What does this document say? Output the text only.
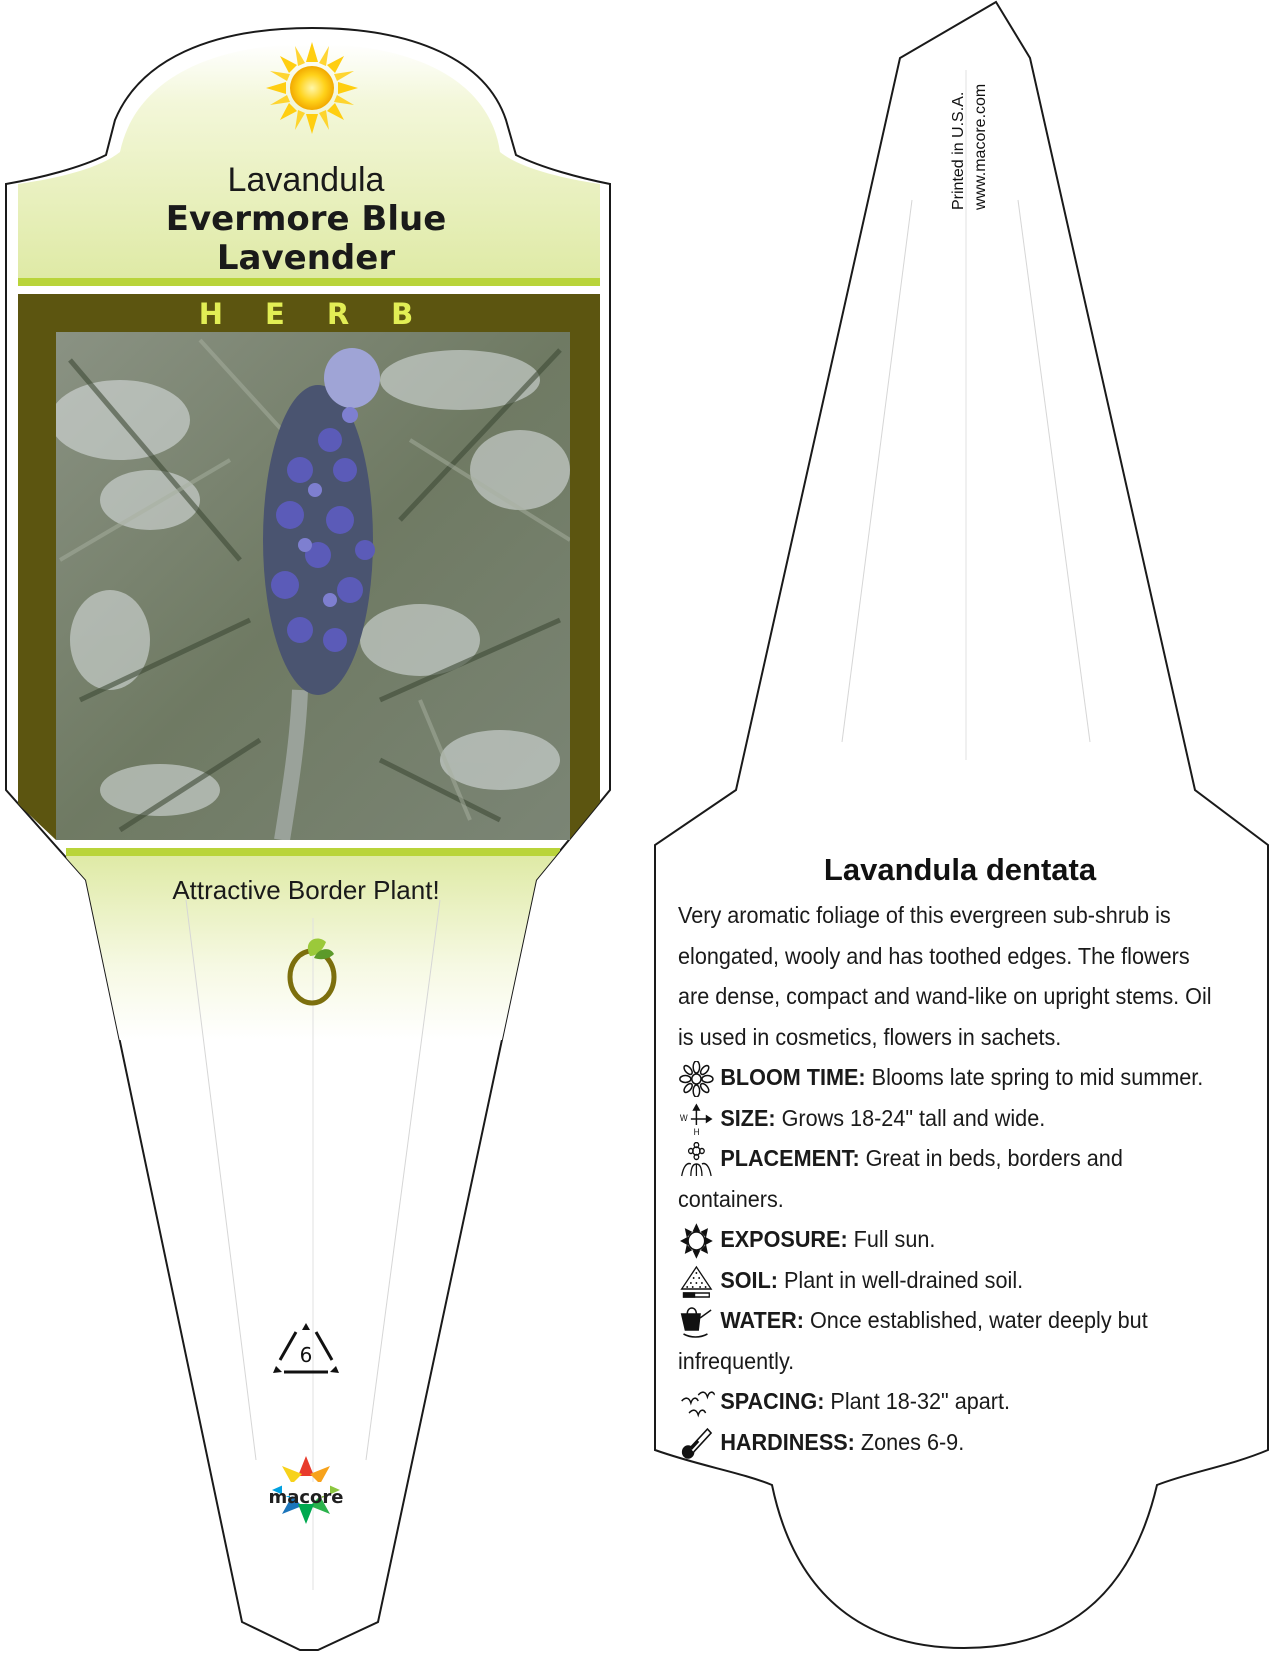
Lavandula
Evermore Blue
Lavender
HERB
Attractive Border Plant!
6
macore
Printed in U.S.A. www.macore.com
Lavandula dentata

Very aromatic foliage of this evergreen sub-shrub is elongated, wooly and has toothed edges. The flowers are dense, compact and wand-like on upright stems. Oil is used in cosmetics, flowers in sachets.

BLOOM TIME: Blooms late spring to mid summer.
W
H
SIZE: Grows 18-24" tall and wide.
PLACEMENT: Great in beds, borders and containers.
EXPOSURE: Full sun.
SOIL: Plant in well-drained soil.
WATER: Once established, water deeply but infrequently.
SPACING: Plant 18-32" apart.
HARDINESS: Zones 6-9.
